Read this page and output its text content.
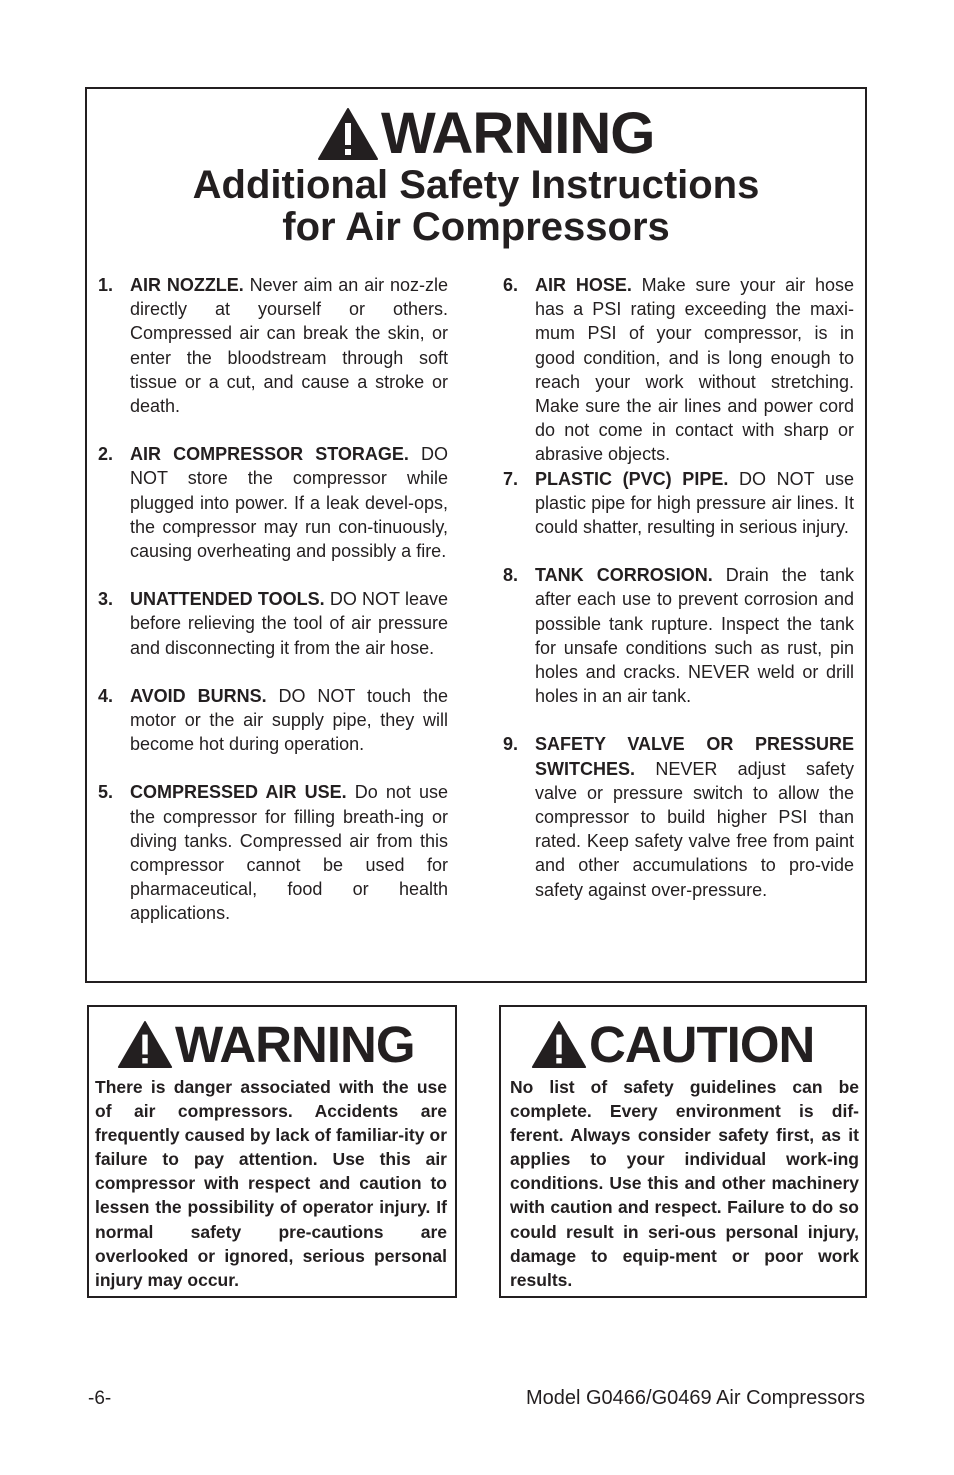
WARNING
Additional Safety Instructions
for Air Compressors
1. AIR NOZZLE. Never aim an air noz-zle directly at yourself or others. Compressed air can break the skin, or enter the bloodstream through soft tissue or a cut, and cause a stroke or death.
2. AIR COMPRESSOR STORAGE. DO NOT store the compressor while plugged into power. If a leak devel-ops, the compressor may run con-tinuously, causing overheating and possibly a fire.
3. UNATTENDED TOOLS. DO NOT leave before relieving the tool of air pressure and disconnecting it from the air hose.
4. AVOID BURNS. DO NOT touch the motor or the air supply pipe, they will become hot during operation.
5. COMPRESSED AIR USE. Do not use the compressor for filling breath-ing or diving tanks. Compressed air from this compressor cannot be used for pharmaceutical, food or health applications.
6. AIR HOSE. Make sure your air hose has a PSI rating exceeding the maxi-mum PSI of your compressor, is in good condition, and is long enough to reach your work without stretching. Make sure the air lines and power cord do not come in contact with sharp or abrasive objects.
7. PLASTIC (PVC) PIPE. DO NOT use plastic pipe for high pressure air lines. It could shatter, resulting in serious injury.
8. TANK CORROSION. Drain the tank after each use to prevent corrosion and possible tank rupture. Inspect the tank for unsafe conditions such as rust, pin holes and cracks. NEVER weld or drill holes in an air tank.
9. SAFETY VALVE OR PRESSURE SWITCHES. NEVER adjust safety valve or pressure switch to allow the compressor to build higher PSI than rated. Keep safety valve free from paint and other accumulations to pro-vide safety against over-pressure.
WARNING
There is danger associated with the use of air compressors. Accidents are frequently caused by lack of familiar-ity or failure to pay attention. Use this air compressor with respect and caution to lessen the possibility of operator injury. If normal safety pre-cautions are overlooked or ignored, serious personal injury may occur.
CAUTION
No list of safety guidelines can be complete. Every environment is dif-ferent. Always consider safety first, as it applies to your individual work-ing conditions. Use this and other machinery with caution and respect. Failure to do so could result in seri-ous personal injury, damage to equip-ment or poor work results.
-6-	Model G0466/G0469 Air Compressors
